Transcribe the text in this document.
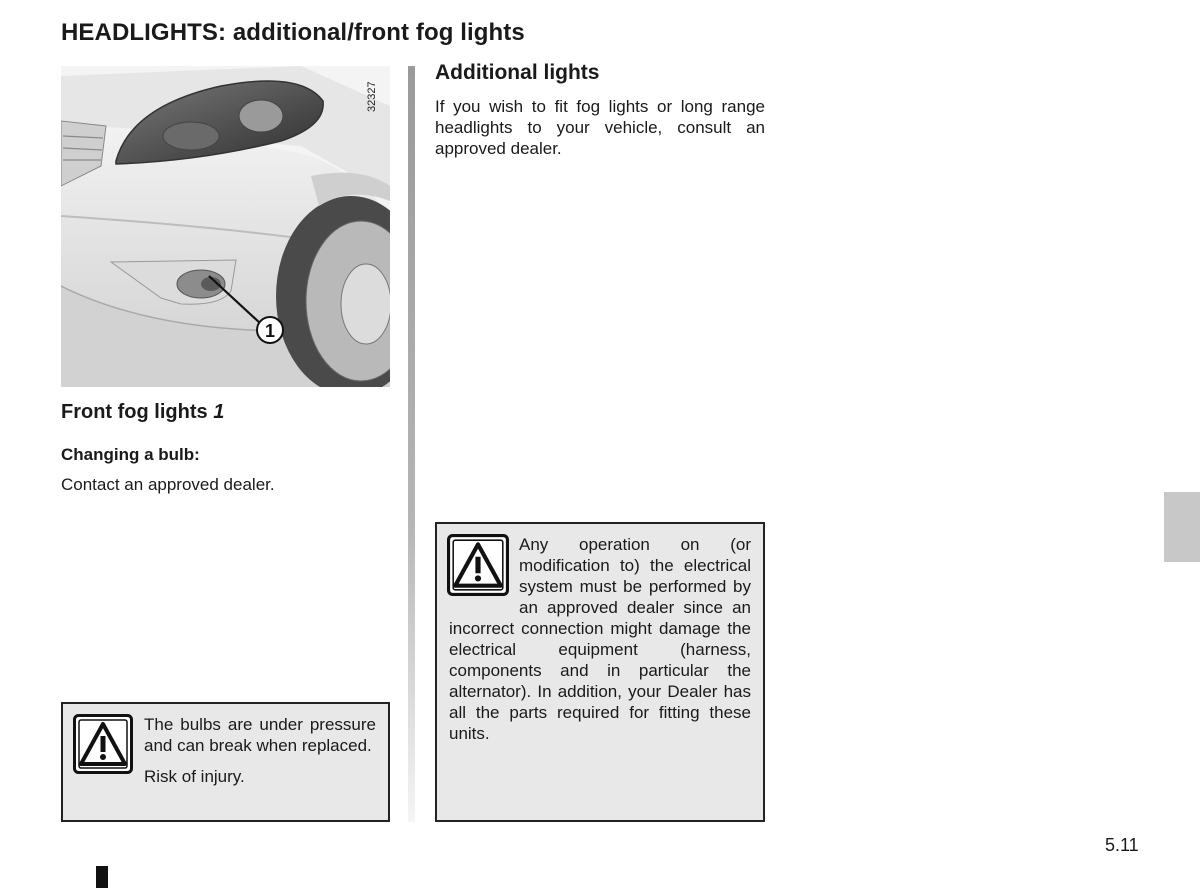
HEADLIGHTS: additional/front fog lights
1
32327
Front fog lights 1
Changing a bulb:
Contact an approved dealer.
The bulbs are under pressure and can break when replaced.
Risk of injury.
Additional lights
If you wish to fit fog lights or long range headlights to your vehicle, consult an approved dealer.
Any operation on (or modification to) the electrical system must be performed by an approved dealer since an incorrect connection might damage the electrical equipment (harness, components and in particular the alternator). In addition, your Dealer has all the parts required for fitting these units.
5.11
